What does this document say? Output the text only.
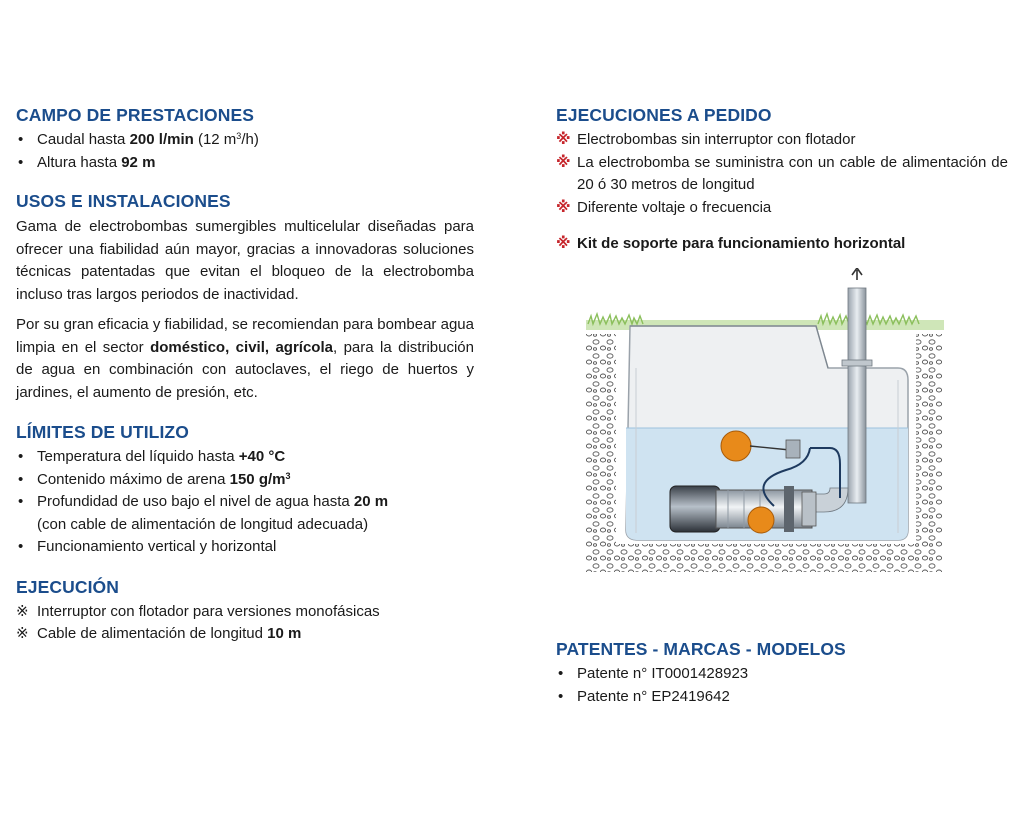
CAMPO DE PRESTACIONES
• Caudal hasta 200 l/min (12 $m^3/h$)
• Altura hasta 92 m
USOS E INSTALACIONES

Gama de electrobombas sumergibles multicelular diseñadas para ofrecer una fiabilidad aún mayor, gracias a innovadoras soluciones técnicas patentadas que evitan el bloqueo de la electrobomba incluso tras largos periodos de inactividad.

Por su gran eficacia y fiabilidad, se recomiendan para bombear agua limpia en el sector doméstico, civil, agrícola, para la distribución de agua en combinación con autoclaves, el riego de huertos y jardines, el aumento de presión, etc.

LÍMITES DE UTILIZO
• Temperatura del líquido hasta +40 °C
• Contenido máximo de arena 150 $g/m^3$
• Profundidad de uso bajo el nivel de agua hasta 20 m
(con cable de alimentación de longitud adecuada)
• Funcionamiento vertical y horizontal
EJECUCIÓN
※ Interruptor con flotador para versiones monofásicas
※ Cable de alimentación de longitud 10 m
EJECUCIONES A PEDIDO
※ Electrobombas sin interruptor con flotador
※ La electrobomba se suministra con un cable de alimentación de 20 ó 30 metros de longitud
※ Diferente voltaje o frecuencia
※ Kit de soporte para funcionamiento horizontal
PATENTES - MARCAS - MODELOS
• Patente n° IT0001428923
• Patente n° EP2419642
